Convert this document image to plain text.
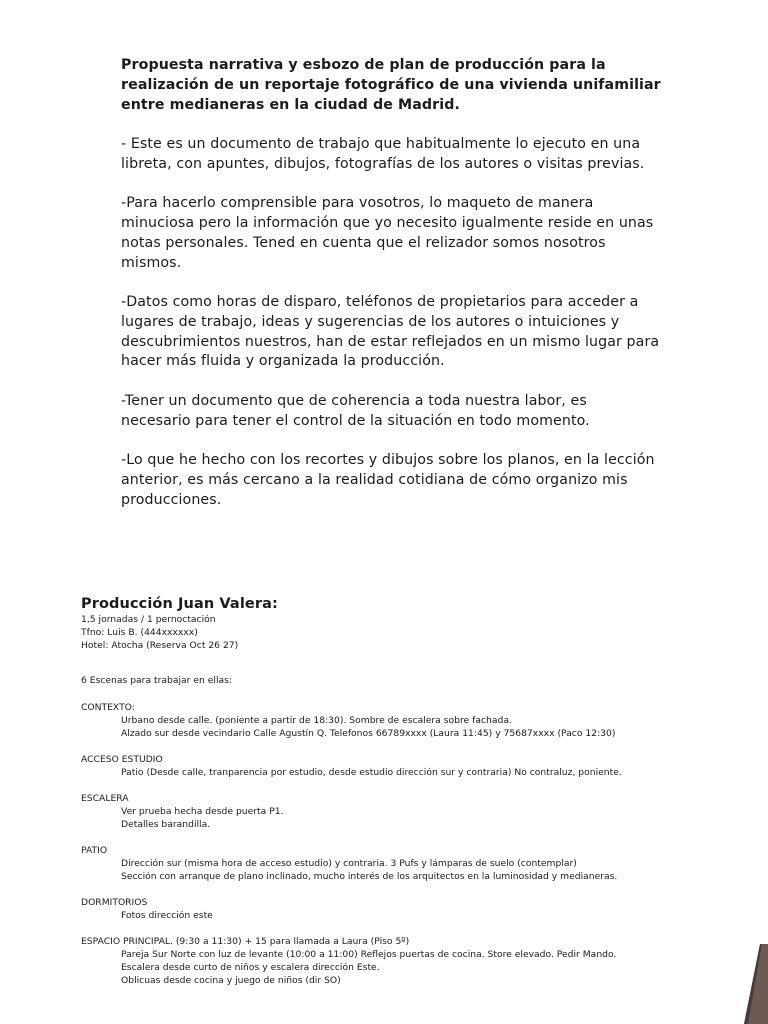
Propuesta narrativa y esbozo de plan de producción para la realización de un reportaje fotográfico de una vivienda unifamiliar entre medianeras en la ciudad de Madrid.

- Este es un documento de trabajo que habitualmente lo ejecuto en una libreta, con apuntes, dibujos, fotografías de los autores o visitas previas.

-Para hacerlo comprensible para vosotros, lo maqueto de manera minuciosa pero la información que yo necesito igualmente reside en unas notas personales. Tened en cuenta que el relizador somos nosotros mismos.

-Datos como horas de disparo, teléfonos de propietarios para acceder a lugares de trabajo, ideas y sugerencias de los autores o intuiciones y descubrimientos nuestros, han de estar reflejados en un mismo lugar para hacer más fluida y organizada la producción.

-Tener un documento que de coherencia a toda nuestra labor, es necesario para tener el control de la situación en todo momento.

-Lo que he hecho con los recortes y dibujos sobre los planos, en la lección anterior, es más cercano a la realidad cotidiana de cómo organizo mis producciones.

Producción Juan Valera:

1,5 jornadas / 1 pernoctación

Tfno: Luis B. (444xxxxxx)

Hotel: Atocha (Reserva Oct 26 27)

6 Escenas para trabajar en ellas:

CONTEXTO:

Urbano desde calle. (poniente a partir de 18:30). Sombre de escalera sobre fachada.

Alzado sur desde vecindario Calle Agustín Q. Telefonos 66789xxxx (Laura 11:45) y 75687xxxx (Paco 12:30)

ACCESO ESTUDIO

Patio (Desde calle, tranparencia por estudio, desde estudio dirección sur y contraria) No contraluz, poniente.

ESCALERA

Ver prueba hecha desde puerta P1.

Detalles barandilla.

PATIO

Dirección sur (misma hora de acceso estudio) y contraria. 3 Pufs y lámparas de suelo (contemplar)

Sección con arranque de plano inclinado, mucho interés de los arquitectos en la luminosidad y medianeras.

DORMITORIOS

Fotos dirección este

ESPACIO PRINCIPAL. (9:30 a 11:30) + 15 para llamada a Laura (Piso 5º)

Pareja Sur Norte con luz de levante (10:00 a 11:00) Reflejos puertas de cocina. Store elevado. Pedir Mando.

Escalera desde curto de niños y escalera dirección Este.

Oblicuas desde cocina y juego de niños (dir SO)
